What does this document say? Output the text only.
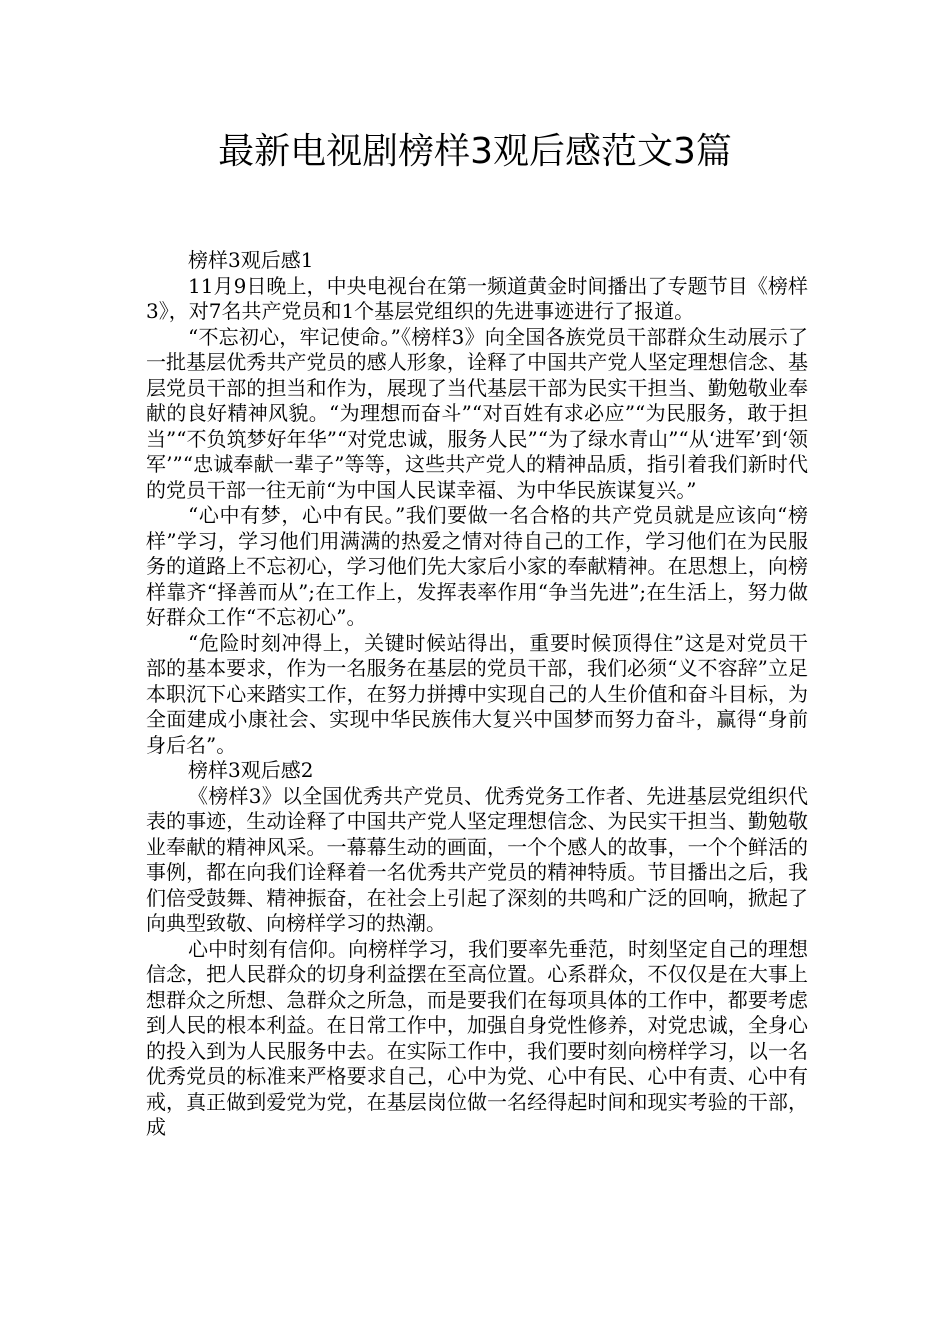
最新电视剧榜样3观后感范文3篇

榜样3观后感1

11月9日晚上，中央电视台在第一频道黄金时间播出了专题节目《榜样3》，对7名共产党员和1个基层党组织的先进事迹进行了报道。

“不忘初心，牢记使命。”《榜样3》向全国各族党员干部群众生动展示了一批基层优秀共产党员的感人形象，诠释了中国共产党人坚定理想信念、基层党员干部的担当和作为，展现了当代基层干部为民实干担当、勤勉敬业奉献的良好精神风貌。“为理想而奋斗”“对百姓有求必应”“为民服务，敢于担当”“不负筑梦好年华”“对党忠诚，服务人民”“为了绿水青山”“从‘进军’到‘领军’”“忠诚奉献一辈子”等等，这些共产党人的精神品质，指引着我们新时代的党员干部一往无前“为中国人民谋幸福、为中华民族谋复兴。”

“心中有梦，心中有民。”我们要做一名合格的共产党员就是应该向“榜样”学习，学习他们用满满的热爱之情对待自己的工作，学习他们在为民服务的道路上不忘初心，学习他们先大家后小家的奉献精神。在思想上，向榜样靠齐“择善而从”;在工作上，发挥表率作用“争当先进”;在生活上，努力做好群众工作“不忘初心”。

“危险时刻冲得上，关键时候站得出，重要时候顶得住”这是对党员干部的基本要求，作为一名服务在基层的党员干部，我们必须“义不容辞”立足本职沉下心来踏实工作，在努力拼搏中实现自己的人生价值和奋斗目标，为全面建成小康社会、实现中华民族伟大复兴中国梦而努力奋斗，赢得“身前身后名”。

榜样3观后感2

《榜样3》以全国优秀共产党员、优秀党务工作者、先进基层党组织代表的事迹，生动诠释了中国共产党人坚定理想信念、为民实干担当、勤勉敬业奉献的精神风采。一幕幕生动的画面，一个个感人的故事，一个个鲜活的事例，都在向我们诠释着一名优秀共产党员的精神特质。节目播出之后，我们倍受鼓舞、精神振奋，在社会上引起了深刻的共鸣和广泛的回响，掀起了向典型致敬、向榜样学习的热潮。

心中时刻有信仰。向榜样学习，我们要率先垂范，时刻坚定自己的理想信念，把人民群众的切身利益摆在至高位置。心系群众，不仅仅是在大事上想群众之所想、急群众之所急，而是要我们在每项具体的工作中，都要考虑到人民的根本利益。在日常工作中，加强自身党性修养，对党忠诚，全身心的投入到为人民服务中去。在实际工作中，我们要时刻向榜样学习，以一名优秀党员的标准来严格要求自己，心中为党、心中有民、心中有责、心中有戒，真正做到爱党为党，在基层岗位做一名经得起时间和现实考验的干部，成
